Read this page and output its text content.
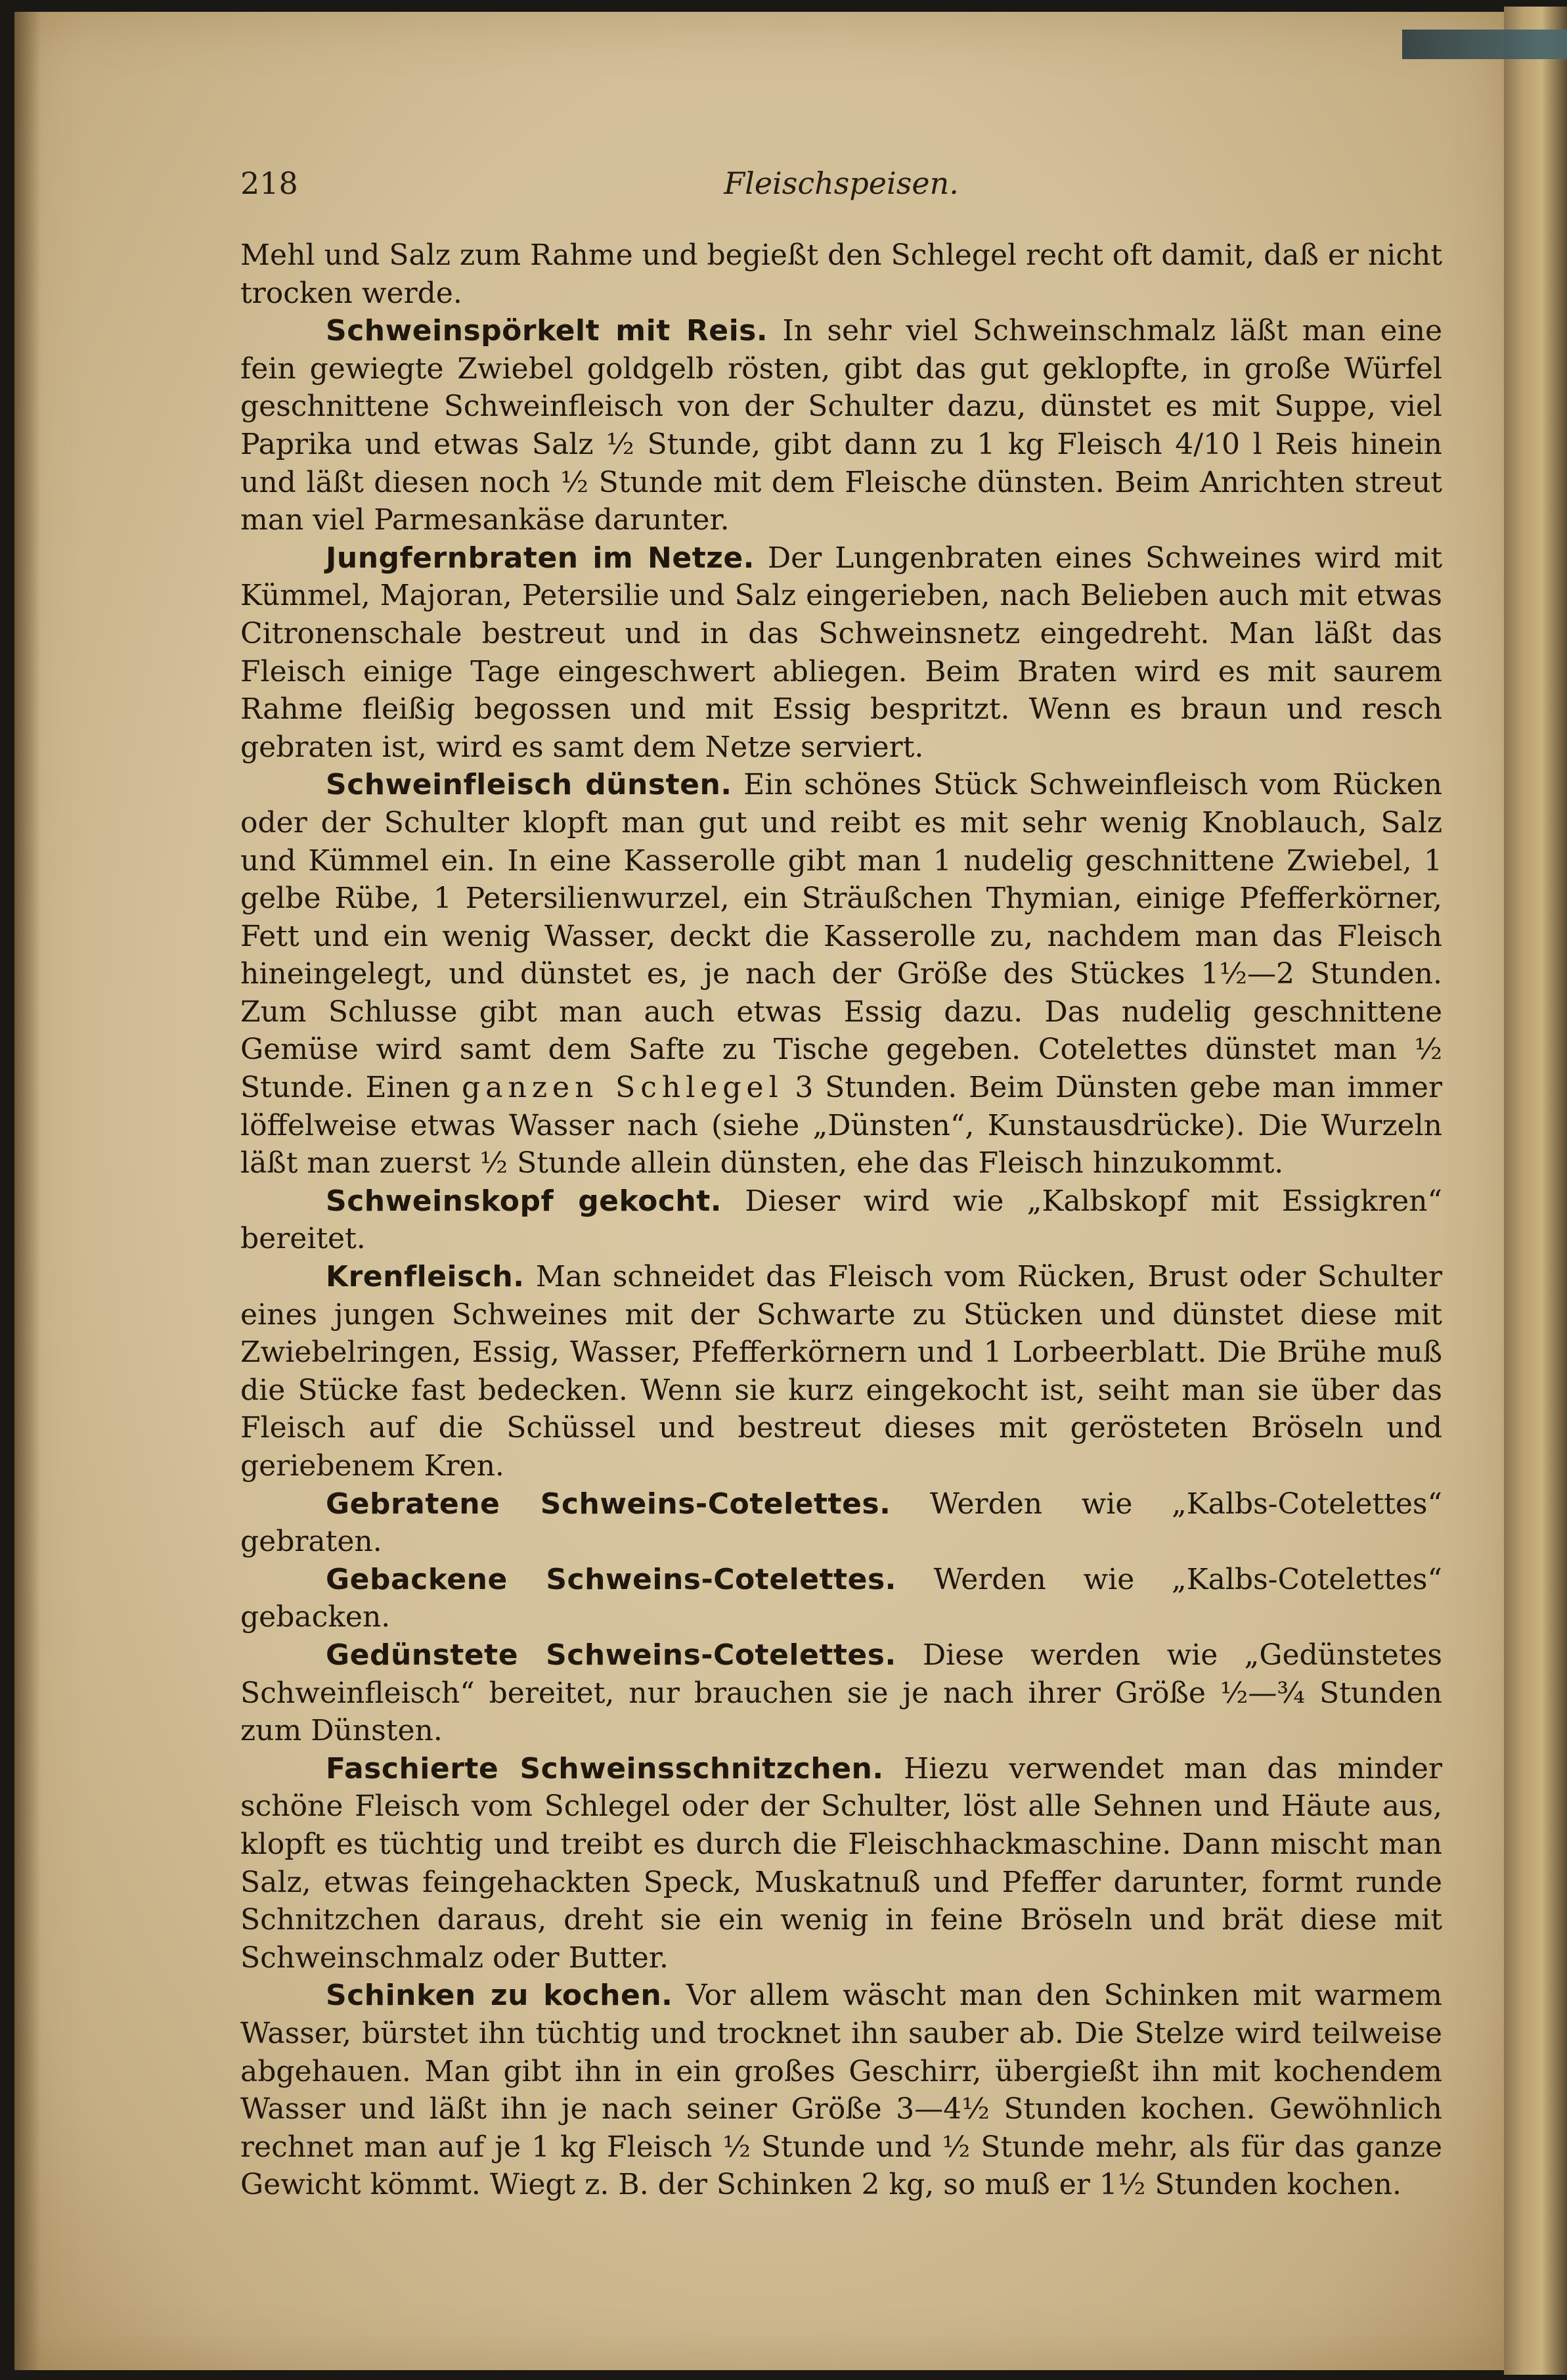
218	Fleischspeisen.

Mehl und Salz zum Rahme und begießt den Schlegel recht oft damit, daß er nicht trocken werde.

Schweinspörkelt mit Reis. In sehr viel Schweinschmalz läßt man eine fein gewiegte Zwiebel goldgelb rösten, gibt das gut geklopfte, in große Würfel geschnittene Schweinfleisch von der Schulter dazu, dünstet es mit Suppe, viel Paprika und etwas Salz ½ Stunde, gibt dann zu 1 kg Fleisch 4/10 l Reis hinein und läßt diesen noch ½ Stunde mit dem Fleische dünsten. Beim Anrichten streut man viel Parmesankäse darunter.

Jungfernbraten im Netze. Der Lungenbraten eines Schweines wird mit Kümmel, Majoran, Petersilie und Salz eingerieben, nach Belieben auch mit etwas Citronenschale bestreut und in das Schweinsnetz eingedreht. Man läßt das Fleisch einige Tage eingeschwert abliegen. Beim Braten wird es mit saurem Rahme fleißig begossen und mit Essig bespritzt. Wenn es braun und resch gebraten ist, wird es samt dem Netze serviert.

Schweinfleisch dünsten. Ein schönes Stück Schweinfleisch vom Rücken oder der Schulter klopft man gut und reibt es mit sehr wenig Knoblauch, Salz und Kümmel ein. In eine Kasserolle gibt man 1 nudelig geschnittene Zwiebel, 1 gelbe Rübe, 1 Petersilienwurzel, ein Sträußchen Thymian, einige Pfefferkörner, Fett und ein wenig Wasser, deckt die Kasserolle zu, nachdem man das Fleisch hineingelegt, und dünstet es, je nach der Größe des Stückes 1½—2 Stunden. Zum Schlusse gibt man auch etwas Essig dazu. Das nudelig geschnittene Gemüse wird samt dem Safte zu Tische gegeben. Cotelettes dünstet man ½ Stunde. Einen ganzen Schlegel 3 Stunden. Beim Dünsten gebe man immer löffelweise etwas Wasser nach (siehe „Dünsten“, Kunstausdrücke). Die Wurzeln läßt man zuerst ½ Stunde allein dünsten, ehe das Fleisch hinzukommt.

Schweinskopf gekocht. Dieser wird wie „Kalbskopf mit Essigkren“ bereitet.

Krenfleisch. Man schneidet das Fleisch vom Rücken, Brust oder Schulter eines jungen Schweines mit der Schwarte zu Stücken und dünstet diese mit Zwiebelringen, Essig, Wasser, Pfefferkörnern und 1 Lorbeerblatt. Die Brühe muß die Stücke fast bedecken. Wenn sie kurz eingekocht ist, seiht man sie über das Fleisch auf die Schüssel und bestreut dieses mit gerösteten Bröseln und geriebenem Kren.

Gebratene Schweins-Cotelettes. Werden wie „Kalbs-Cotelettes“ gebraten.

Gebackene Schweins-Cotelettes. Werden wie „Kalbs-Cotelettes“ gebacken.

Gedünstete Schweins-Cotelettes. Diese werden wie „Gedünstetes Schweinfleisch“ bereitet, nur brauchen sie je nach ihrer Größe ½—¾ Stunden zum Dünsten.

Faschierte Schweinsschnitzchen. Hiezu verwendet man das minder schöne Fleisch vom Schlegel oder der Schulter, löst alle Sehnen und Häute aus, klopft es tüchtig und treibt es durch die Fleischhackmaschine. Dann mischt man Salz, etwas feingehackten Speck, Muskatnuß und Pfeffer darunter, formt runde Schnitzchen daraus, dreht sie ein wenig in feine Bröseln und brät diese mit Schweinschmalz oder Butter.

Schinken zu kochen. Vor allem wäscht man den Schinken mit warmem Wasser, bürstet ihn tüchtig und trocknet ihn sauber ab. Die Stelze wird teilweise abgehauen. Man gibt ihn in ein großes Geschirr, übergießt ihn mit kochendem Wasser und läßt ihn je nach seiner Größe 3—4½ Stunden kochen. Gewöhnlich rechnet man auf je 1 kg Fleisch ½ Stunde und ½ Stunde mehr, als für das ganze Gewicht kömmt. Wiegt z. B. der Schinken 2 kg, so muß er 1½ Stunden kochen.
